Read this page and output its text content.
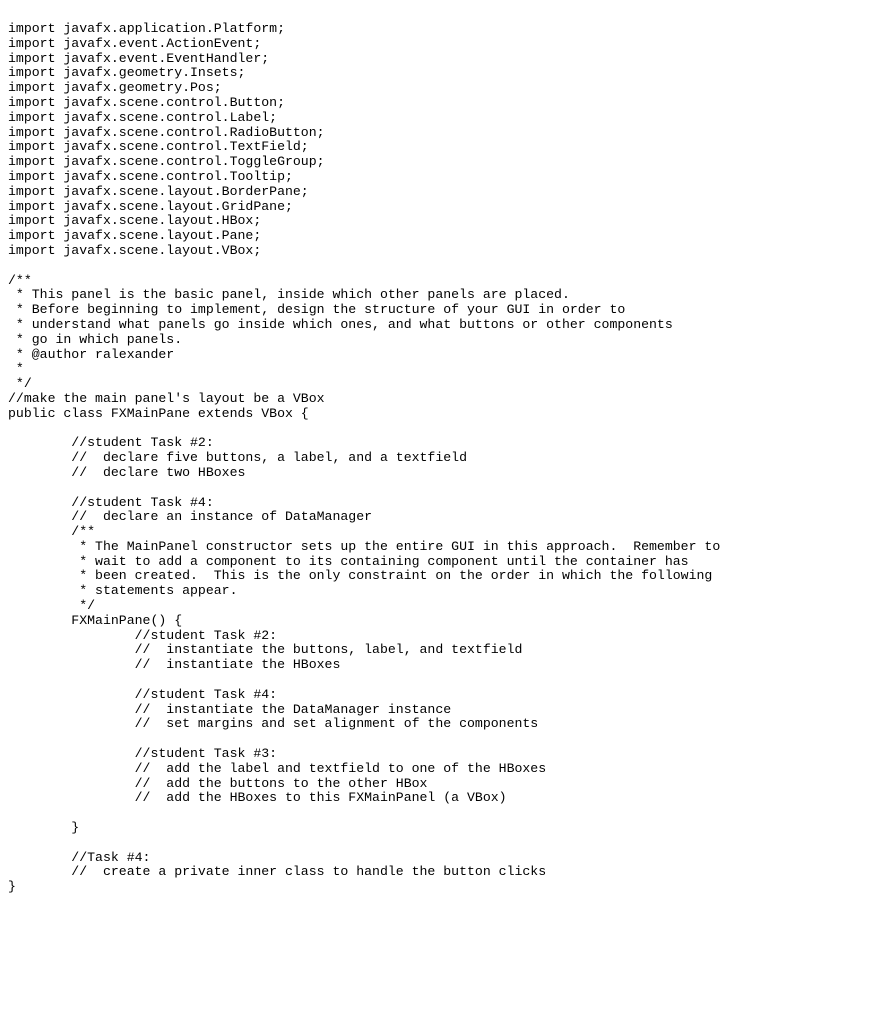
import javafx.application.Platform;
import javafx.event.ActionEvent;
import javafx.event.EventHandler;
import javafx.geometry.Insets;
import javafx.geometry.Pos;
import javafx.scene.control.Button;
import javafx.scene.control.Label;
import javafx.scene.control.RadioButton;
import javafx.scene.control.TextField;
import javafx.scene.control.ToggleGroup;
import javafx.scene.control.Tooltip;
import javafx.scene.layout.BorderPane;
import javafx.scene.layout.GridPane;
import javafx.scene.layout.HBox;
import javafx.scene.layout.Pane;
import javafx.scene.layout.VBox;
/**
* This panel is the basic panel, inside which other panels are placed.
* Before beginning to implement, design the structure of your GUI in order to
* understand what panels go inside which ones, and what buttons or other components
* go in which panels.
* @author ralexander
*
*/
//make the main panel's layout be a VBox
public class FXMainPane extends VBox {
//student Task #2:
//  declare five buttons, a label, and a textfield
//  declare two HBoxes
//student Task #4:
//  declare an instance of DataManager
/**
* The MainPanel constructor sets up the entire GUI in this approach.  Remember to
* wait to add a component to its containing component until the container has
* been created.  This is the only constraint on the order in which the following
* statements appear.
*/
FXMainPane() {
//student Task #2:
//  instantiate the buttons, label, and textfield
//  instantiate the HBoxes
//student Task #4:
//  instantiate the DataManager instance
//  set margins and set alignment of the components
//student Task #3:
//  add the label and textfield to one of the HBoxes
//  add the buttons to the other HBox
//  add the HBoxes to this FXMainPanel (a VBox)
}
//Task #4:
//  create a private inner class to handle the button clicks
}
